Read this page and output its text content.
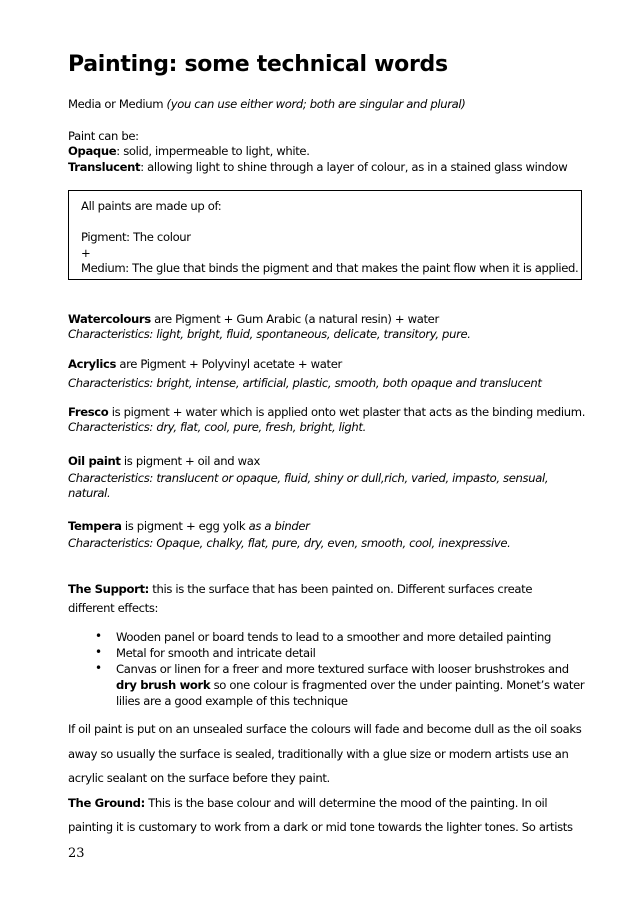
Painting: some technical words
Media or Medium (you can use either word; both are singular and plural)
Paint can be:
Opaque: solid, impermeable to light, white.
Translucent: allowing light to shine through a layer of colour, as in a stained glass window
All paints are made up of:
Pigment: The colour
+
Medium: The glue that binds the pigment and that makes the paint flow when it is applied.
Watercolours are Pigment + Gum Arabic (a natural resin) + water
Characteristics: light, bright, fluid, spontaneous, delicate, transitory, pure.
Acrylics are Pigment + Polyvinyl acetate + water
Characteristics: bright, intense, artificial, plastic, smooth, both opaque and translucent
Fresco is pigment + water which is applied onto wet plaster that acts as the binding medium.
Characteristics: dry, flat, cool, pure, fresh, bright, light.
Oil paint is pigment + oil and wax
Characteristics: translucent or opaque, fluid, shiny or dull,rich, varied, impasto, sensual,
natural.
Tempera is pigment + egg yolk as a binder
Characteristics: Opaque, chalky, flat, pure, dry, even, smooth, cool, inexpressive.
The Support: this is the surface that has been painted on. Different surfaces create
different effects:
• Wooden panel or board tends to lead to a smoother and more detailed painting
• Metal for smooth and intricate detail
• Canvas or linen for a freer and more textured surface with looser brushstrokes and
dry brush work so one colour is fragmented over the under painting. Monet’s water
lilies are a good example of this technique
If oil paint is put on an unsealed surface the colours will fade and become dull as the oil soaks
away so usually the surface is sealed, traditionally with a glue size or modern artists use an
acrylic sealant on the surface before they paint.
The Ground: This is the base colour and will determine the mood of the painting. In oil
painting it is customary to work from a dark or mid tone towards the lighter tones. So artists
23
